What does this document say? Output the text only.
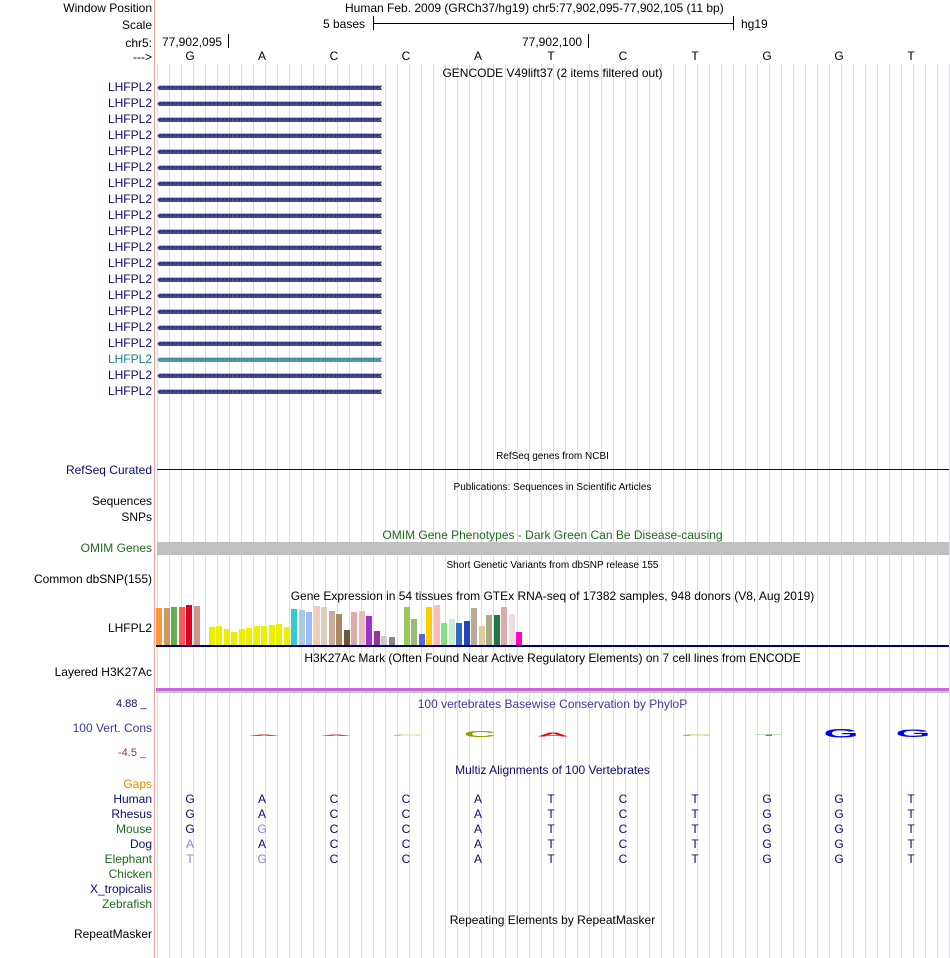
Window Position
Scale
chr5:
--->
Human Feb. 2009 (GRCh37/hg19) chr5:77,902,095-77,902,105 (11 bp)
5 bases	hg19
77,902,095	77,902,100
G	A	C	C	A	T	C	T	G	G	T
GENCODE V49lift37 (2 items filtered out)
LHFPL2 ‹‹‹‹‹‹‹‹‹‹‹‹‹‹‹‹‹‹‹‹‹‹‹‹‹‹‹‹‹‹‹‹‹‹‹‹‹‹‹‹‹‹‹‹‹‹‹‹‹‹‹‹‹‹‹‹‹‹‹‹‹‹‹‹‹‹‹‹‹‹‹‹‹‹‹‹‹‹‹‹‹‹‹‹‹‹‹‹‹‹‹‹‹‹‹‹‹‹‹‹‹‹‹‹‹‹‹‹‹‹‹‹‹‹‹‹‹‹‹‹‹‹‹‹‹‹‹‹‹‹‹‹‹‹‹‹‹‹‹‹‹‹‹‹‹‹‹‹‹‹‹‹‹‹‹‹‹‹‹‹‹‹‹‹‹‹‹‹‹‹
LHFPL2 ‹‹‹‹‹‹‹‹‹‹‹‹‹‹‹‹‹‹‹‹‹‹‹‹‹‹‹‹‹‹‹‹‹‹‹‹‹‹‹‹‹‹‹‹‹‹‹‹‹‹‹‹‹‹‹‹‹‹‹‹‹‹‹‹‹‹‹‹‹‹‹‹‹‹‹‹‹‹‹‹‹‹‹‹‹‹‹‹‹‹‹‹‹‹‹‹‹‹‹‹‹‹‹‹‹‹‹‹‹‹‹‹‹‹‹‹‹‹‹‹‹‹‹‹‹‹‹‹‹‹‹‹‹‹‹‹‹‹‹‹‹‹‹‹‹‹‹‹‹‹‹‹‹‹‹‹‹‹‹‹‹‹‹‹‹‹‹‹‹‹
LHFPL2 ‹‹‹‹‹‹‹‹‹‹‹‹‹‹‹‹‹‹‹‹‹‹‹‹‹‹‹‹‹‹‹‹‹‹‹‹‹‹‹‹‹‹‹‹‹‹‹‹‹‹‹‹‹‹‹‹‹‹‹‹‹‹‹‹‹‹‹‹‹‹‹‹‹‹‹‹‹‹‹‹‹‹‹‹‹‹‹‹‹‹‹‹‹‹‹‹‹‹‹‹‹‹‹‹‹‹‹‹‹‹‹‹‹‹‹‹‹‹‹‹‹‹‹‹‹‹‹‹‹‹‹‹‹‹‹‹‹‹‹‹‹‹‹‹‹‹‹‹‹‹‹‹‹‹‹‹‹‹‹‹‹‹‹‹‹‹‹‹‹‹
LHFPL2 ‹‹‹‹‹‹‹‹‹‹‹‹‹‹‹‹‹‹‹‹‹‹‹‹‹‹‹‹‹‹‹‹‹‹‹‹‹‹‹‹‹‹‹‹‹‹‹‹‹‹‹‹‹‹‹‹‹‹‹‹‹‹‹‹‹‹‹‹‹‹‹‹‹‹‹‹‹‹‹‹‹‹‹‹‹‹‹‹‹‹‹‹‹‹‹‹‹‹‹‹‹‹‹‹‹‹‹‹‹‹‹‹‹‹‹‹‹‹‹‹‹‹‹‹‹‹‹‹‹‹‹‹‹‹‹‹‹‹‹‹‹‹‹‹‹‹‹‹‹‹‹‹‹‹‹‹‹‹‹‹‹‹‹‹‹‹‹‹‹‹
LHFPL2 ‹‹‹‹‹‹‹‹‹‹‹‹‹‹‹‹‹‹‹‹‹‹‹‹‹‹‹‹‹‹‹‹‹‹‹‹‹‹‹‹‹‹‹‹‹‹‹‹‹‹‹‹‹‹‹‹‹‹‹‹‹‹‹‹‹‹‹‹‹‹‹‹‹‹‹‹‹‹‹‹‹‹‹‹‹‹‹‹‹‹‹‹‹‹‹‹‹‹‹‹‹‹‹‹‹‹‹‹‹‹‹‹‹‹‹‹‹‹‹‹‹‹‹‹‹‹‹‹‹‹‹‹‹‹‹‹‹‹‹‹‹‹‹‹‹‹‹‹‹‹‹‹‹‹‹‹‹‹‹‹‹‹‹‹‹‹‹‹‹‹
LHFPL2 ‹‹‹‹‹‹‹‹‹‹‹‹‹‹‹‹‹‹‹‹‹‹‹‹‹‹‹‹‹‹‹‹‹‹‹‹‹‹‹‹‹‹‹‹‹‹‹‹‹‹‹‹‹‹‹‹‹‹‹‹‹‹‹‹‹‹‹‹‹‹‹‹‹‹‹‹‹‹‹‹‹‹‹‹‹‹‹‹‹‹‹‹‹‹‹‹‹‹‹‹‹‹‹‹‹‹‹‹‹‹‹‹‹‹‹‹‹‹‹‹‹‹‹‹‹‹‹‹‹‹‹‹‹‹‹‹‹‹‹‹‹‹‹‹‹‹‹‹‹‹‹‹‹‹‹‹‹‹‹‹‹‹‹‹‹‹‹‹‹‹
LHFPL2 ‹‹‹‹‹‹‹‹‹‹‹‹‹‹‹‹‹‹‹‹‹‹‹‹‹‹‹‹‹‹‹‹‹‹‹‹‹‹‹‹‹‹‹‹‹‹‹‹‹‹‹‹‹‹‹‹‹‹‹‹‹‹‹‹‹‹‹‹‹‹‹‹‹‹‹‹‹‹‹‹‹‹‹‹‹‹‹‹‹‹‹‹‹‹‹‹‹‹‹‹‹‹‹‹‹‹‹‹‹‹‹‹‹‹‹‹‹‹‹‹‹‹‹‹‹‹‹‹‹‹‹‹‹‹‹‹‹‹‹‹‹‹‹‹‹‹‹‹‹‹‹‹‹‹‹‹‹‹‹‹‹‹‹‹‹‹‹‹‹‹
LHFPL2 ‹‹‹‹‹‹‹‹‹‹‹‹‹‹‹‹‹‹‹‹‹‹‹‹‹‹‹‹‹‹‹‹‹‹‹‹‹‹‹‹‹‹‹‹‹‹‹‹‹‹‹‹‹‹‹‹‹‹‹‹‹‹‹‹‹‹‹‹‹‹‹‹‹‹‹‹‹‹‹‹‹‹‹‹‹‹‹‹‹‹‹‹‹‹‹‹‹‹‹‹‹‹‹‹‹‹‹‹‹‹‹‹‹‹‹‹‹‹‹‹‹‹‹‹‹‹‹‹‹‹‹‹‹‹‹‹‹‹‹‹‹‹‹‹‹‹‹‹‹‹‹‹‹‹‹‹‹‹‹‹‹‹‹‹‹‹‹‹‹‹
LHFPL2 ‹‹‹‹‹‹‹‹‹‹‹‹‹‹‹‹‹‹‹‹‹‹‹‹‹‹‹‹‹‹‹‹‹‹‹‹‹‹‹‹‹‹‹‹‹‹‹‹‹‹‹‹‹‹‹‹‹‹‹‹‹‹‹‹‹‹‹‹‹‹‹‹‹‹‹‹‹‹‹‹‹‹‹‹‹‹‹‹‹‹‹‹‹‹‹‹‹‹‹‹‹‹‹‹‹‹‹‹‹‹‹‹‹‹‹‹‹‹‹‹‹‹‹‹‹‹‹‹‹‹‹‹‹‹‹‹‹‹‹‹‹‹‹‹‹‹‹‹‹‹‹‹‹‹‹‹‹‹‹‹‹‹‹‹‹‹‹‹‹‹
LHFPL2 ‹‹‹‹‹‹‹‹‹‹‹‹‹‹‹‹‹‹‹‹‹‹‹‹‹‹‹‹‹‹‹‹‹‹‹‹‹‹‹‹‹‹‹‹‹‹‹‹‹‹‹‹‹‹‹‹‹‹‹‹‹‹‹‹‹‹‹‹‹‹‹‹‹‹‹‹‹‹‹‹‹‹‹‹‹‹‹‹‹‹‹‹‹‹‹‹‹‹‹‹‹‹‹‹‹‹‹‹‹‹‹‹‹‹‹‹‹‹‹‹‹‹‹‹‹‹‹‹‹‹‹‹‹‹‹‹‹‹‹‹‹‹‹‹‹‹‹‹‹‹‹‹‹‹‹‹‹‹‹‹‹‹‹‹‹‹‹‹‹‹
LHFPL2 ‹‹‹‹‹‹‹‹‹‹‹‹‹‹‹‹‹‹‹‹‹‹‹‹‹‹‹‹‹‹‹‹‹‹‹‹‹‹‹‹‹‹‹‹‹‹‹‹‹‹‹‹‹‹‹‹‹‹‹‹‹‹‹‹‹‹‹‹‹‹‹‹‹‹‹‹‹‹‹‹‹‹‹‹‹‹‹‹‹‹‹‹‹‹‹‹‹‹‹‹‹‹‹‹‹‹‹‹‹‹‹‹‹‹‹‹‹‹‹‹‹‹‹‹‹‹‹‹‹‹‹‹‹‹‹‹‹‹‹‹‹‹‹‹‹‹‹‹‹‹‹‹‹‹‹‹‹‹‹‹‹‹‹‹‹‹‹‹‹‹
LHFPL2 ‹‹‹‹‹‹‹‹‹‹‹‹‹‹‹‹‹‹‹‹‹‹‹‹‹‹‹‹‹‹‹‹‹‹‹‹‹‹‹‹‹‹‹‹‹‹‹‹‹‹‹‹‹‹‹‹‹‹‹‹‹‹‹‹‹‹‹‹‹‹‹‹‹‹‹‹‹‹‹‹‹‹‹‹‹‹‹‹‹‹‹‹‹‹‹‹‹‹‹‹‹‹‹‹‹‹‹‹‹‹‹‹‹‹‹‹‹‹‹‹‹‹‹‹‹‹‹‹‹‹‹‹‹‹‹‹‹‹‹‹‹‹‹‹‹‹‹‹‹‹‹‹‹‹‹‹‹‹‹‹‹‹‹‹‹‹‹‹‹‹
LHFPL2 ‹‹‹‹‹‹‹‹‹‹‹‹‹‹‹‹‹‹‹‹‹‹‹‹‹‹‹‹‹‹‹‹‹‹‹‹‹‹‹‹‹‹‹‹‹‹‹‹‹‹‹‹‹‹‹‹‹‹‹‹‹‹‹‹‹‹‹‹‹‹‹‹‹‹‹‹‹‹‹‹‹‹‹‹‹‹‹‹‹‹‹‹‹‹‹‹‹‹‹‹‹‹‹‹‹‹‹‹‹‹‹‹‹‹‹‹‹‹‹‹‹‹‹‹‹‹‹‹‹‹‹‹‹‹‹‹‹‹‹‹‹‹‹‹‹‹‹‹‹‹‹‹‹‹‹‹‹‹‹‹‹‹‹‹‹‹‹‹‹‹
LHFPL2 ‹‹‹‹‹‹‹‹‹‹‹‹‹‹‹‹‹‹‹‹‹‹‹‹‹‹‹‹‹‹‹‹‹‹‹‹‹‹‹‹‹‹‹‹‹‹‹‹‹‹‹‹‹‹‹‹‹‹‹‹‹‹‹‹‹‹‹‹‹‹‹‹‹‹‹‹‹‹‹‹‹‹‹‹‹‹‹‹‹‹‹‹‹‹‹‹‹‹‹‹‹‹‹‹‹‹‹‹‹‹‹‹‹‹‹‹‹‹‹‹‹‹‹‹‹‹‹‹‹‹‹‹‹‹‹‹‹‹‹‹‹‹‹‹‹‹‹‹‹‹‹‹‹‹‹‹‹‹‹‹‹‹‹‹‹‹‹‹‹‹
LHFPL2 ‹‹‹‹‹‹‹‹‹‹‹‹‹‹‹‹‹‹‹‹‹‹‹‹‹‹‹‹‹‹‹‹‹‹‹‹‹‹‹‹‹‹‹‹‹‹‹‹‹‹‹‹‹‹‹‹‹‹‹‹‹‹‹‹‹‹‹‹‹‹‹‹‹‹‹‹‹‹‹‹‹‹‹‹‹‹‹‹‹‹‹‹‹‹‹‹‹‹‹‹‹‹‹‹‹‹‹‹‹‹‹‹‹‹‹‹‹‹‹‹‹‹‹‹‹‹‹‹‹‹‹‹‹‹‹‹‹‹‹‹‹‹‹‹‹‹‹‹‹‹‹‹‹‹‹‹‹‹‹‹‹‹‹‹‹‹‹‹‹‹
LHFPL2 ‹‹‹‹‹‹‹‹‹‹‹‹‹‹‹‹‹‹‹‹‹‹‹‹‹‹‹‹‹‹‹‹‹‹‹‹‹‹‹‹‹‹‹‹‹‹‹‹‹‹‹‹‹‹‹‹‹‹‹‹‹‹‹‹‹‹‹‹‹‹‹‹‹‹‹‹‹‹‹‹‹‹‹‹‹‹‹‹‹‹‹‹‹‹‹‹‹‹‹‹‹‹‹‹‹‹‹‹‹‹‹‹‹‹‹‹‹‹‹‹‹‹‹‹‹‹‹‹‹‹‹‹‹‹‹‹‹‹‹‹‹‹‹‹‹‹‹‹‹‹‹‹‹‹‹‹‹‹‹‹‹‹‹‹‹‹‹‹‹‹
LHFPL2 ‹‹‹‹‹‹‹‹‹‹‹‹‹‹‹‹‹‹‹‹‹‹‹‹‹‹‹‹‹‹‹‹‹‹‹‹‹‹‹‹‹‹‹‹‹‹‹‹‹‹‹‹‹‹‹‹‹‹‹‹‹‹‹‹‹‹‹‹‹‹‹‹‹‹‹‹‹‹‹‹‹‹‹‹‹‹‹‹‹‹‹‹‹‹‹‹‹‹‹‹‹‹‹‹‹‹‹‹‹‹‹‹‹‹‹‹‹‹‹‹‹‹‹‹‹‹‹‹‹‹‹‹‹‹‹‹‹‹‹‹‹‹‹‹‹‹‹‹‹‹‹‹‹‹‹‹‹‹‹‹‹‹‹‹‹‹‹‹‹‹
LHFPL2 ‹‹‹‹‹‹‹‹‹‹‹‹‹‹‹‹‹‹‹‹‹‹‹‹‹‹‹‹‹‹‹‹‹‹‹‹‹‹‹‹‹‹‹‹‹‹‹‹‹‹‹‹‹‹‹‹‹‹‹‹‹‹‹‹‹‹‹‹‹‹‹‹‹‹‹‹‹‹‹‹‹‹‹‹‹‹‹‹‹‹‹‹‹‹‹‹‹‹‹‹‹‹‹‹‹‹‹‹‹‹‹‹‹‹‹‹‹‹‹‹‹‹‹‹‹‹‹‹‹‹‹‹‹‹‹‹‹‹‹‹‹‹‹‹‹‹‹‹‹‹‹‹‹‹‹‹‹‹‹‹‹‹‹‹‹‹‹‹‹‹
LHFPL2 ‹‹‹‹‹‹‹‹‹‹‹‹‹‹‹‹‹‹‹‹‹‹‹‹‹‹‹‹‹‹‹‹‹‹‹‹‹‹‹‹‹‹‹‹‹‹‹‹‹‹‹‹‹‹‹‹‹‹‹‹‹‹‹‹‹‹‹‹‹‹‹‹‹‹‹‹‹‹‹‹‹‹‹‹‹‹‹‹‹‹‹‹‹‹‹‹‹‹‹‹‹‹‹‹‹‹‹‹‹‹‹‹‹‹‹‹‹‹‹‹‹‹‹‹‹‹‹‹‹‹‹‹‹‹‹‹‹‹‹‹‹‹‹‹‹‹‹‹‹‹‹‹‹‹‹‹‹‹‹‹‹‹‹‹‹‹‹‹‹‹
LHFPL2 ‹‹‹‹‹‹‹‹‹‹‹‹‹‹‹‹‹‹‹‹‹‹‹‹‹‹‹‹‹‹‹‹‹‹‹‹‹‹‹‹‹‹‹‹‹‹‹‹‹‹‹‹‹‹‹‹‹‹‹‹‹‹‹‹‹‹‹‹‹‹‹‹‹‹‹‹‹‹‹‹‹‹‹‹‹‹‹‹‹‹‹‹‹‹‹‹‹‹‹‹‹‹‹‹‹‹‹‹‹‹‹‹‹‹‹‹‹‹‹‹‹‹‹‹‹‹‹‹‹‹‹‹‹‹‹‹‹‹‹‹‹‹‹‹‹‹‹‹‹‹‹‹‹‹‹‹‹‹‹‹‹‹‹‹‹‹‹‹‹‹
RefSeq genes from NCBI
RefSeq Curated
Publications: Sequences in Scientific Articles
Sequences
SNPs
OMIM Gene Phenotypes - Dark Green Can Be Disease-causing
OMIM Genes
Short Genetic Variants from dbSNP release 155
Common dbSNP(155)
Gene Expression in 54 tissues from GTEx RNA-seq of 17382 samples, 948 donors (V8, Aug 2019)
LHFPL2
H3K27Ac Mark (Often Found Near Active Regulatory Elements) on 7 cell lines from ENCODE
Layered H3K27Ac
4.88 _	100 vertebrates Basewise Conservation by PhyloP
100 Vert. Cons
-4.5 _
A	A	C	C	A	C	T	G	G
Multiz Alignments of 100 Vertebrates
Gaps
Human	G	A	C	C	A	T	C	T	G	G	T
Rhesus	G	A	C	C	A	T	C	T	G	G	T
Mouse	G	G	C	C	A	T	C	T	G	G	T
Dog	A	A	C	C	A	T	C	T	G	G	T
Elephant	T	G	C	C	A	T	C	T	G	G	T
Chicken
X_tropicalis
Zebrafish
Repeating Elements by RepeatMasker
RepeatMasker
